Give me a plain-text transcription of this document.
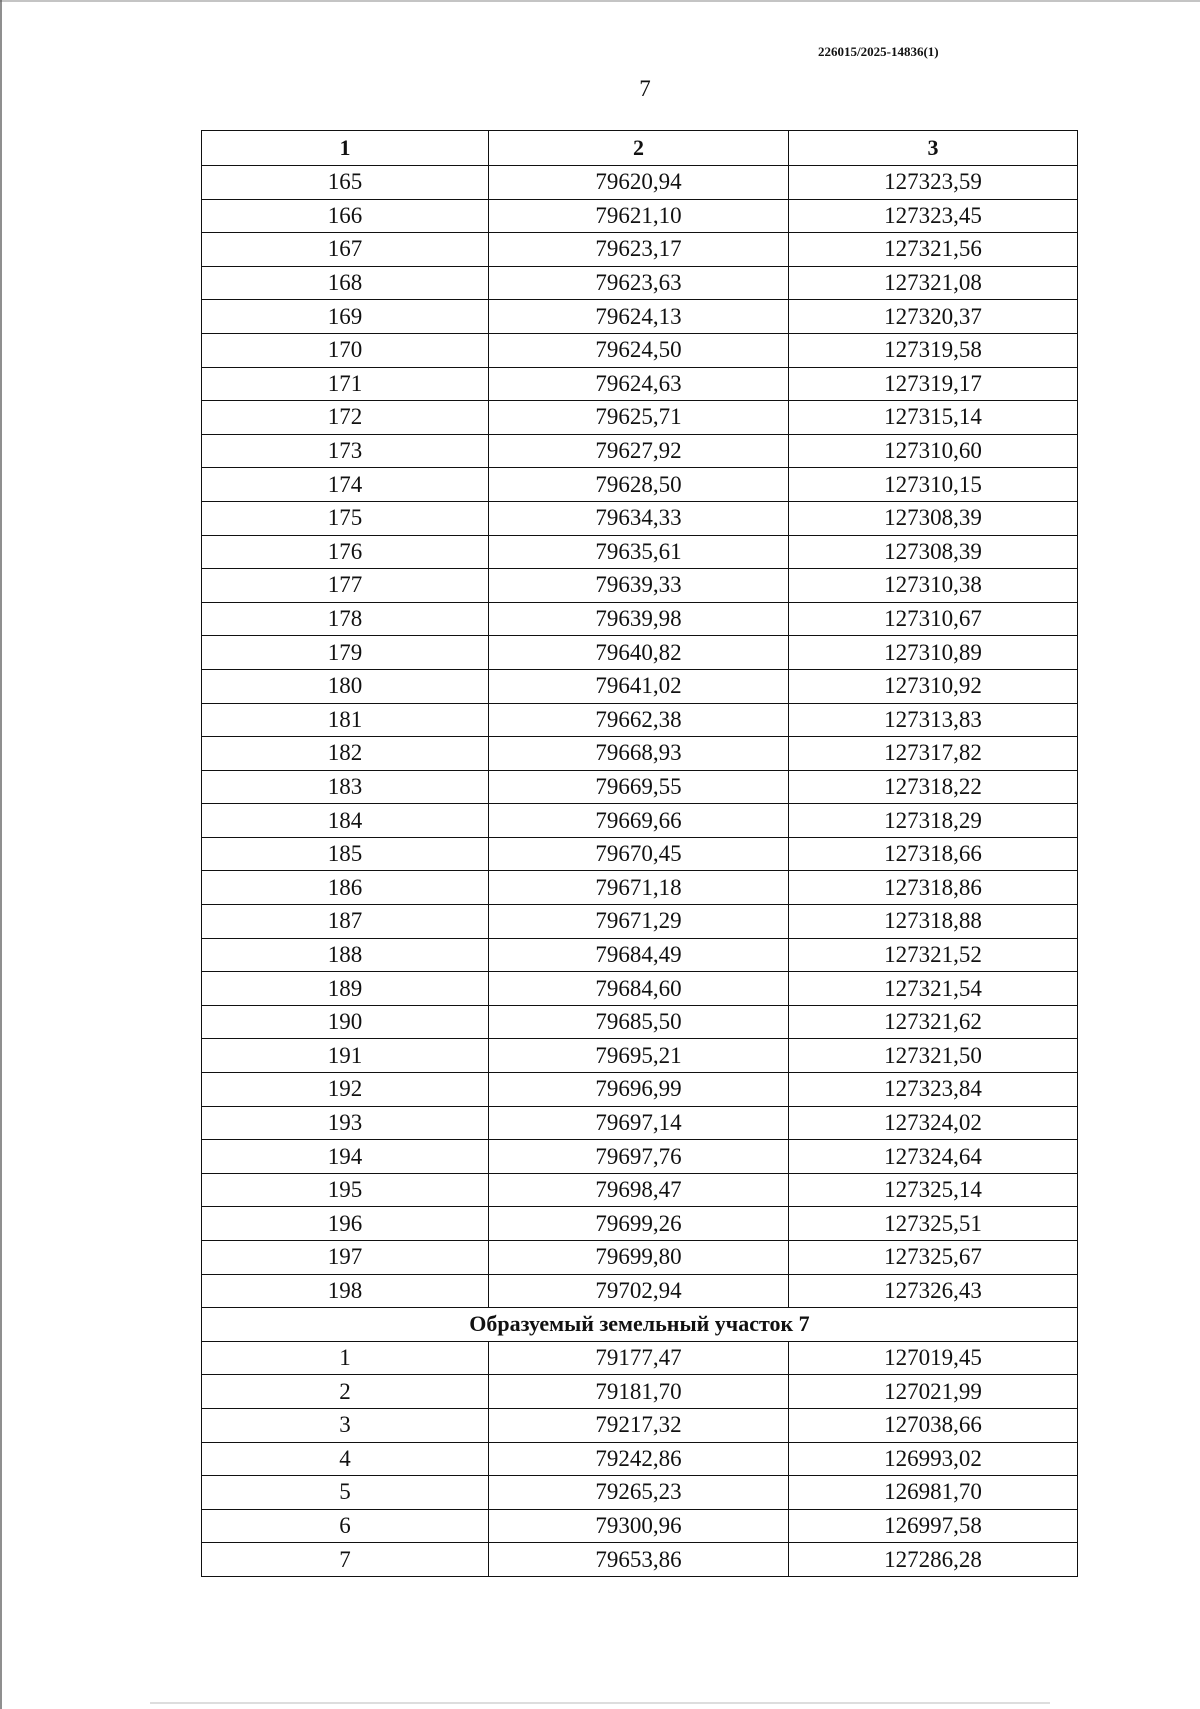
226015/2025-14836(1)
7
1	2	3
165	79620,94	127323,59
166	79621,10	127323,45
167	79623,17	127321,56
168	79623,63	127321,08
169	79624,13	127320,37
170	79624,50	127319,58
171	79624,63	127319,17
172	79625,71	127315,14
173	79627,92	127310,60
174	79628,50	127310,15
175	79634,33	127308,39
176	79635,61	127308,39
177	79639,33	127310,38
178	79639,98	127310,67
179	79640,82	127310,89
180	79641,02	127310,92
181	79662,38	127313,83
182	79668,93	127317,82
183	79669,55	127318,22
184	79669,66	127318,29
185	79670,45	127318,66
186	79671,18	127318,86
187	79671,29	127318,88
188	79684,49	127321,52
189	79684,60	127321,54
190	79685,50	127321,62
191	79695,21	127321,50
192	79696,99	127323,84
193	79697,14	127324,02
194	79697,76	127324,64
195	79698,47	127325,14
196	79699,26	127325,51
197	79699,80	127325,67
198	79702,94	127326,43
Образуемый земельный участок 7		
1	79177,47	127019,45
2	79181,70	127021,99
3	79217,32	127038,66
4	79242,86	126993,02
5	79265,23	126981,70
6	79300,96	126997,58
7	79653,86	127286,28
